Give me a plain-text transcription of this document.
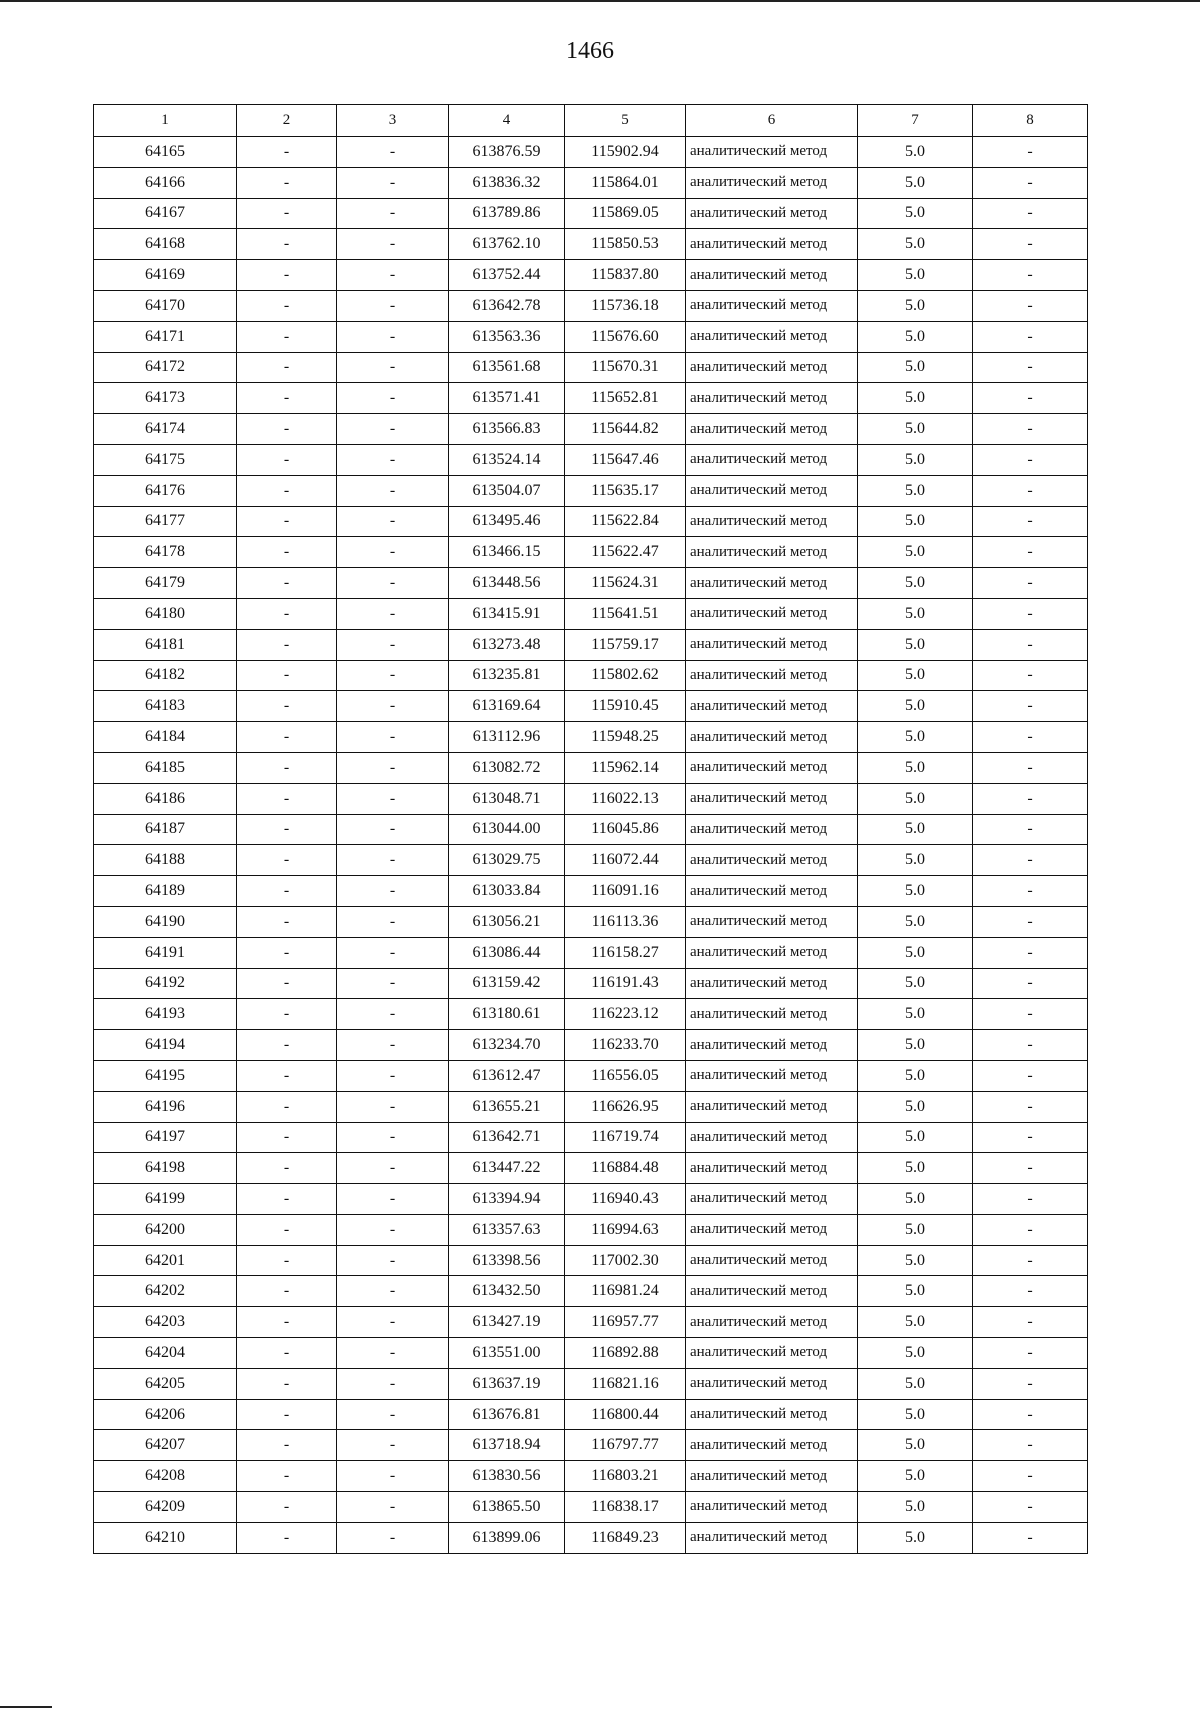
1466
1	2	3	4	5	6	7	8
64165	-	-	613876.59	115902.94	аналитический метод	5.0	-
64166	-	-	613836.32	115864.01	аналитический метод	5.0	-
64167	-	-	613789.86	115869.05	аналитический метод	5.0	-
64168	-	-	613762.10	115850.53	аналитический метод	5.0	-
64169	-	-	613752.44	115837.80	аналитический метод	5.0	-
64170	-	-	613642.78	115736.18	аналитический метод	5.0	-
64171	-	-	613563.36	115676.60	аналитический метод	5.0	-
64172	-	-	613561.68	115670.31	аналитический метод	5.0	-
64173	-	-	613571.41	115652.81	аналитический метод	5.0	-
64174	-	-	613566.83	115644.82	аналитический метод	5.0	-
64175	-	-	613524.14	115647.46	аналитический метод	5.0	-
64176	-	-	613504.07	115635.17	аналитический метод	5.0	-
64177	-	-	613495.46	115622.84	аналитический метод	5.0	-
64178	-	-	613466.15	115622.47	аналитический метод	5.0	-
64179	-	-	613448.56	115624.31	аналитический метод	5.0	-
64180	-	-	613415.91	115641.51	аналитический метод	5.0	-
64181	-	-	613273.48	115759.17	аналитический метод	5.0	-
64182	-	-	613235.81	115802.62	аналитический метод	5.0	-
64183	-	-	613169.64	115910.45	аналитический метод	5.0	-
64184	-	-	613112.96	115948.25	аналитический метод	5.0	-
64185	-	-	613082.72	115962.14	аналитический метод	5.0	-
64186	-	-	613048.71	116022.13	аналитический метод	5.0	-
64187	-	-	613044.00	116045.86	аналитический метод	5.0	-
64188	-	-	613029.75	116072.44	аналитический метод	5.0	-
64189	-	-	613033.84	116091.16	аналитический метод	5.0	-
64190	-	-	613056.21	116113.36	аналитический метод	5.0	-
64191	-	-	613086.44	116158.27	аналитический метод	5.0	-
64192	-	-	613159.42	116191.43	аналитический метод	5.0	-
64193	-	-	613180.61	116223.12	аналитический метод	5.0	-
64194	-	-	613234.70	116233.70	аналитический метод	5.0	-
64195	-	-	613612.47	116556.05	аналитический метод	5.0	-
64196	-	-	613655.21	116626.95	аналитический метод	5.0	-
64197	-	-	613642.71	116719.74	аналитический метод	5.0	-
64198	-	-	613447.22	116884.48	аналитический метод	5.0	-
64199	-	-	613394.94	116940.43	аналитический метод	5.0	-
64200	-	-	613357.63	116994.63	аналитический метод	5.0	-
64201	-	-	613398.56	117002.30	аналитический метод	5.0	-
64202	-	-	613432.50	116981.24	аналитический метод	5.0	-
64203	-	-	613427.19	116957.77	аналитический метод	5.0	-
64204	-	-	613551.00	116892.88	аналитический метод	5.0	-
64205	-	-	613637.19	116821.16	аналитический метод	5.0	-
64206	-	-	613676.81	116800.44	аналитический метод	5.0	-
64207	-	-	613718.94	116797.77	аналитический метод	5.0	-
64208	-	-	613830.56	116803.21	аналитический метод	5.0	-
64209	-	-	613865.50	116838.17	аналитический метод	5.0	-
64210	-	-	613899.06	116849.23	аналитический метод	5.0	-
